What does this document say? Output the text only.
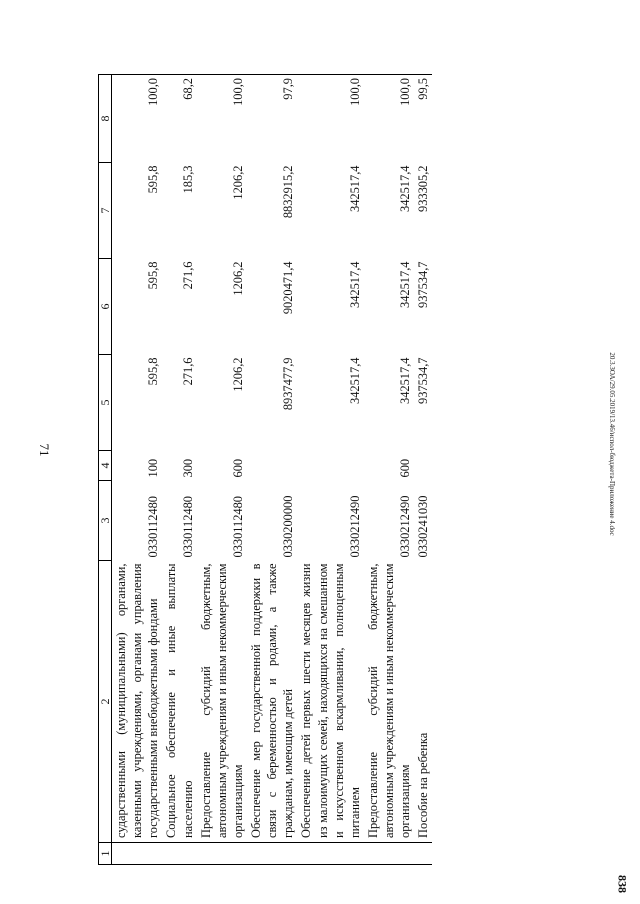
71	20.3.ЗОА/29.05.2019/13.46/испол-бюджета-Приложение 4.doc
838
1	2	3	4	5	6	7	8
	сударственными (муниципальными) органами, казенными учреждениями, органами управления государственными внебюджетными фондами	0330112480	100	595,8	595,8	595,8	100,0
	Социальное обеспечение и иные выплаты населению	0330112480	300	271,6	271,6	185,3	68,2
	Предоставление субсидий бюджетным, автономным учреждениям и иным некоммерческим организациям	0330112480	600	1206,2	1206,2	1206,2	100,0
	Обеспечение мер государственной поддержки в связи с беременностью и родами, а также гражданам, имеющим детей	0330200000		8937477,9	9020471,4	8832915,2	97,9
	Обеспечение детей первых шести месяцев жизни из малоимущих семей, находящихся на смешанном и искусственном вскармливании, полноценным питанием	0330212490		342517,4	342517,4	342517,4	100,0
	Предоставление субсидий бюджетным, автономным учреждениям и иным некоммерческим организациям	0330212490	600	342517,4	342517,4	342517,4	100,0
	Пособие на ребенка	0330241030		937534,7	937534,7	933305,2	99,5
